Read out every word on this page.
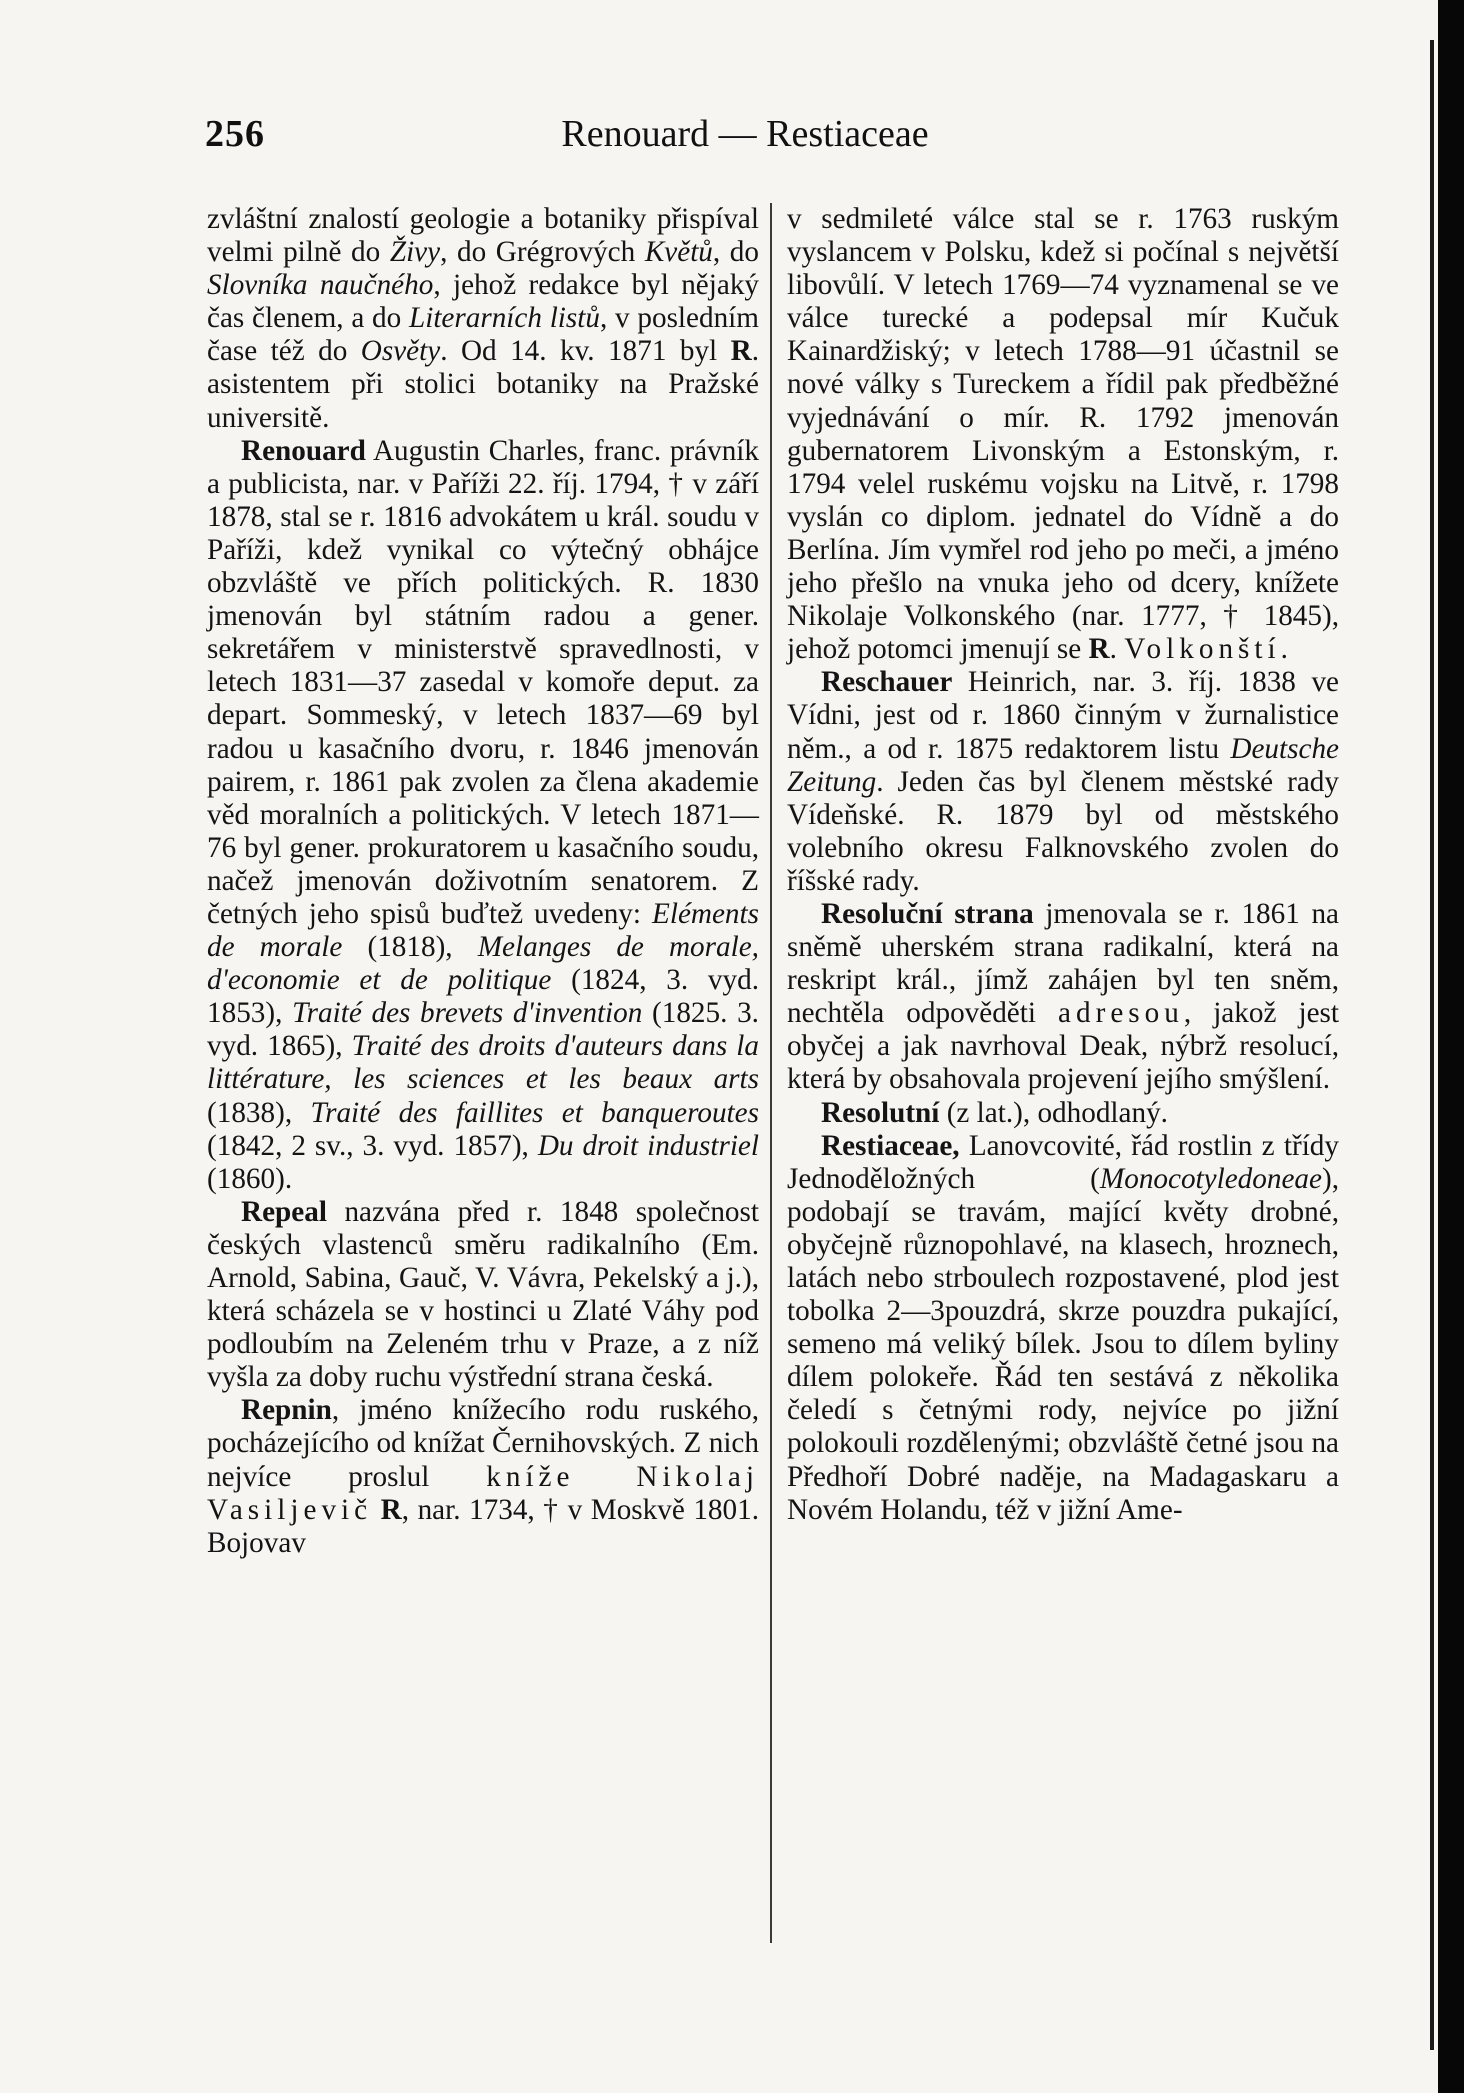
256	Renouard — Restiaceae

zvláštní znalostí geologie a botaniky přispíval velmi pilně do Živy, do Grégrových Květů, do Slovníka naučného, jehož redakce byl nějaký čas členem, a do Literarních listů, v posledním čase též do Osvěty. Od 14. kv. 1871 byl R. asistentem při stolici botaniky na Pražské universitě.

Renouard Augustin Charles, franc. právník a publicista, nar. v Paříži 22. říj. 1794, † v září 1878, stal se r. 1816 advokátem u král. soudu v Paříži, kdež vynikal co výtečný obhájce obzvláště ve přích politických. R. 1830 jmenován byl státním radou a gener. sekretářem v ministerstvě spravedlnosti, v letech 1831—37 zasedal v komoře deput. za depart. Sommeský, v letech 1837—69 byl radou u kasačního dvoru, r. 1846 jmenován pairem, r. 1861 pak zvolen za člena akademie věd moralních a politických. V letech 1871—76 byl gener. prokuratorem u kasačního soudu, načež jmenován doživotním senatorem. Z četných jeho spisů buďtež uvedeny: Eléments de morale (1818), Melanges de morale, d'economie et de politique (1824, 3. vyd. 1853), Traité des brevets d'invention (1825. 3. vyd. 1865), Traité des droits d'auteurs dans la littérature, les sciences et les beaux arts (1838), Traité des faillites et banqueroutes (1842, 2 sv., 3. vyd. 1857), Du droit industriel (1860).

Repeal nazvána před r. 1848 společnost českých vlastenců směru radikalního (Em. Arnold, Sabina, Gauč, V. Vávra, Pekelský a j.), která scházela se v hostinci u Zlaté Váhy pod podloubím na Zeleném trhu v Praze, a z níž vyšla za doby ruchu výstřední strana česká.

Repnin, jméno knížecího rodu ruského, pocházejícího od knížat Černihovských. Z nich nejvíce proslul kníže Nikolaj Vasiljevič R, nar. 1734, † v Moskvě 1801. Bojovav

v sedmileté válce stal se r. 1763 ruským vyslancem v Polsku, kdež si počínal s největší libovůlí. V letech 1769—74 vyznamenal se ve válce turecké a podepsal mír Kučuk Kainardžiský; v letech 1788—91 účastnil se nové války s Tureckem a řídil pak předběžné vyjednávání o mír. R. 1792 jmenován gubernatorem Livonským a Estonským, r. 1794 velel ruskému vojsku na Litvě, r. 1798 vyslán co diplom. jednatel do Vídně a do Berlína. Jím vymřel rod jeho po meči, a jméno jeho přešlo na vnuka jeho od dcery, knížete Nikolaje Volkonského (nar. 1777, † 1845), jehož potomci jmenují se R. Volkonští.

Reschauer Heinrich, nar. 3. říj. 1838 ve Vídni, jest od r. 1860 činným v žurnalistice něm., a od r. 1875 redaktorem listu Deutsche Zeitung. Jeden čas byl členem městské rady Vídeňské. R. 1879 byl od městského volebního okresu Falknovského zvolen do říšské rady.

Resoluční strana jmenovala se r. 1861 na sněmě uherském strana radikalní, která na reskript král., jímž zahájen byl ten sněm, nechtěla odpověděti adresou, jakož jest obyčej a jak navrhoval Deak, nýbrž resolucí, která by obsahovala projevení jejího smýšlení.

Resolutní (z lat.), odhodlaný.

Restiaceae, Lanovcovité, řád rostlin z třídy Jednoděložných (Monocotyledoneae), podobají se travám, mající květy drobné, obyčejně různopohlavé, na klasech, hroznech, latách nebo strboulech rozpostavené, plod jest tobolka 2—3pouzdrá, skrze pouzdra pukající, semeno má veliký bílek. Jsou to dílem byliny dílem polokeře. Řád ten sestává z několika čeledí s četnými rody, nejvíce po jižní polokouli rozdělenými; obzvláště četné jsou na Předhoří Dobré naděje, na Madagaskaru a Novém Holandu, též v jižní Ame-
